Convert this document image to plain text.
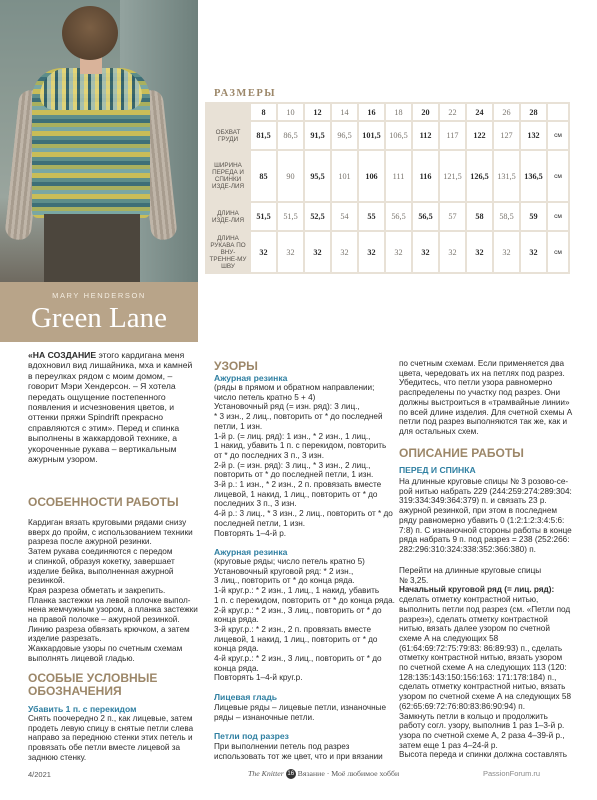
MARY HENDERSON
Green Lane
РАЗМЕРЫ
	8	10	12	14	16	18	20	22	24	26	28	
ОБХВАТ ГРУДИ	81,5	86,5	91,5	96,5	101,5	106,5	112	117	122	127	132	см
ШИРИНА ПЕРЕДА И СПИНКИ ИЗДЕ-ЛИЯ	85	90	95,5	101	106	111	116	121,5	126,5	131,5	136,5	см
ДЛИНА ИЗДЕ-ЛИЯ	51,5	51,5	52,5	54	55	56,5	56,5	57	58	58,5	59	см
ДЛИНА РУКАВА ПО ВНУ-ТРЕННЕ-МУ ШВУ	32	32	32	32	32	32	32	32	32	32	32	см
«НА СОЗДАНИЕ этого кардигана меня вдохновил вид лишайника, мха и камней в переулках рядом с моим домом, – говорит Мэри Хендерсон. – Я хотела передать ощущение постепенного появления и исчезновения цветов, и оттенки пряжи Spindrift прекрасно справляются с этим». Перед и спинка выполнены в жаккардовой технике, а укороченные рукава – вертикальным ажурным узором.
ОСОБЕННОСТИ РАБОТЫ
Кардиган вязать круговыми рядами снизу
вверх до пройм, с использованием техники
разреза после ажурной резинки.
Затем рукава соединяются с передом
и спинкой, образуя кокетку, завершает
изделие бейка, выполненная ажурной
резинкой.
Края разреза обметать и закрепить.
Планка застежки на левой полочке выпол-
нена жемчужным узором, а планка застежки
на правой полочке – ажурной резинкой.
Линию разреза обвязать крючком, а затем
изделие разрезать.
Жаккардовые узоры по счетным схемам
выполнять лицевой гладью.
ОСОБЫЕ УСЛОВНЫЕ
ОБОЗНАЧЕНИЯ
Убавить 1 п. с перекидом
Снять поочередно 2 п., как лицевые, затем
продеть левую спицу в снятые петли слева
направо за переднюю стенки этих петель и
провязать обе петли вместе лицевой за
заднюю стенку.
УЗОРЫ
Ажурная резинка
(ряды в прямом и обратном направлении;
число петель кратно 5 + 4)
Установочный ряд (= изн. ряд): 3 лиц.,
* 3 изн., 2 лиц., повторить от * до последней
петли, 1 изн.
1-й р. (= лиц. ряд): 1 изн., * 2 изн., 1 лиц.,
1 накид, убавить 1 п. с перекидом, повторить
от * до последних 3 п., 3 изн.
2-й р. (= изн. ряд): 3 лиц., * 3 изн., 2 лиц.,
повторить от * до последней петли, 1 изн.
3-й р.: 1 изн., * 2 изн., 2 п. провязать вместе
лицевой, 1 накид, 1 лиц., повторить от * до
последних 3 п., 3 изн.
4-й р.: 3 лиц., * 3 изн., 2 лиц., повторить от * до
последней петли, 1 изн.
Повторять 1–4-й р.
Ажурная резинка
(круговые ряды; число петель кратно 5)
Установочный круговой ряд: * 2 изн.,
3 лиц., повторить от * до конца ряда.
1-й круг.р.: * 2 изн., 1 лиц., 1 накид, убавить
1 п. с перекидом, повторить от * до конца ряда.
2-й круг.р.: * 2 изн., 3 лиц., повторить от * до
конца ряда.
3-й круг.р.: * 2 изн., 2 п. провязать вместе
лицевой, 1 накид, 1 лиц., повторить от * до
конца ряда.
4-й круг.р.: * 2 изн., 3 лиц., повторить от * до
конца ряда.
Повторять 1–4-й круг.р.
Лицевая гладь
Лицевые ряды – лицевые петли, изнаночные
ряды – изнаночные петли.
Петли под разрез
При выполнении петель под разрез
использовать тот же цвет, что и при вязании
по счетным схемам. Если применяется два
цвета, чередовать их на петлях под разрез.
Убедитесь, что петли узора равномерно
распределены по участку под разрез. Они
должны выстроиться в «трамвайные линии»
по всей длине изделия. Для счетной схемы А
петли под разрез выполняются так же, как и
для остальных схем.
ОПИСАНИЕ РАБОТЫ
ПЕРЕД И СПИНКА
На длинные круговые спицы № 3 розово-се-
рой нитью набрать 229 (244:259:274:289:304:
319:334:349:364:379) п. и связать 23 р.
ажурной резинкой, при этом в последнем
ряду равномерно убавить 0 (1:2:1:2:3:4:5:6:
7:8) п. С изнаночной стороны работы в конце
ряда набрать 9 п. под разрез = 238 (252:266:
282:296:310:324:338:352:366:380) п.
Перейти на длинные круговые спицы
№ 3,25.
Начальный круговой ряд (= лиц. ряд):
сделать отметку контрастной нитью,
выполнить петли под разрез (см. «Петли под
разрез»), сделать отметку контрастной
нитью, вязать далее узором по счетной
схеме А на следующих 58
(61:64:69:72:75:79:83: 86:89:93) п., сделать
отметку контрастной нитью, вязать узором
по счетной схеме А на следующих 113 (120:
128:135:143:150:156:163: 171:178:184) п.,
сделать отметку контрастной нитью, вязать
узором по счетной схеме А на следующих 58
(62:65:69:72:76:80:83:86:90:94) п.
Замкнуть петли в кольцо и продолжить
работу согл. узору, выполнив 1 раз 1–3-й р.
узора по счетной схеме А, 2 раза 4–39-й р.,
затем еще 1 раз 4–24-й р.
Высота переда и спинки должна составлять
4/2021	The Knitter 16 Вязание · Моё любимое хобби	PassionForum.ru
